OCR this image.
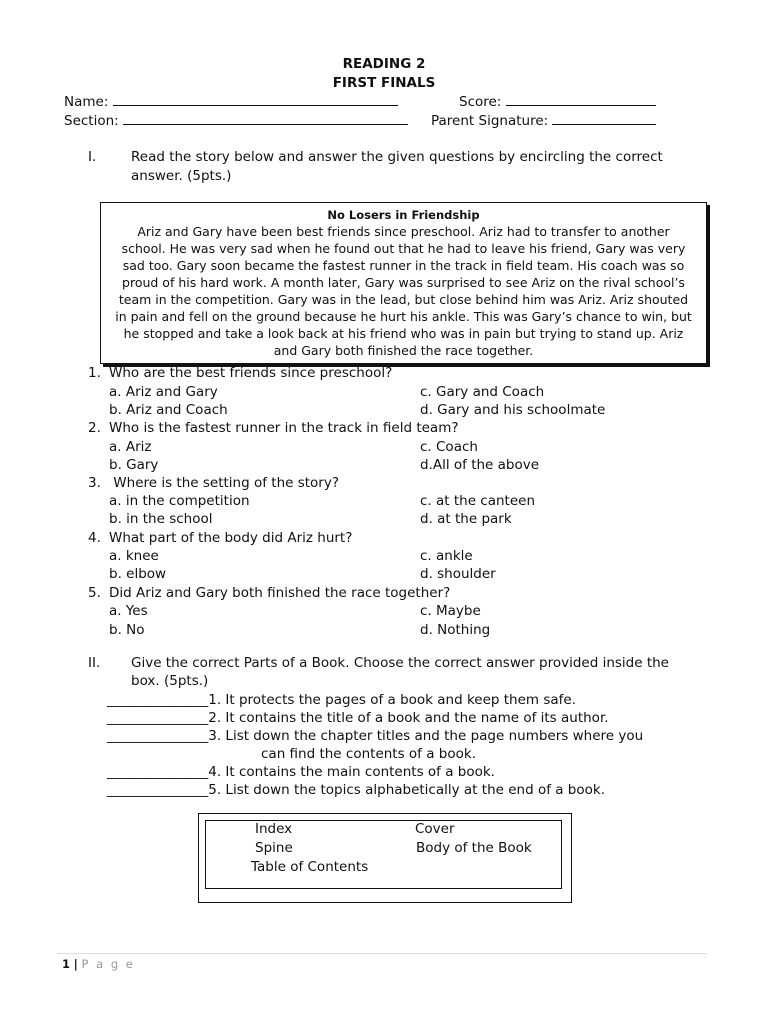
READING 2
FIRST FINALS
Name:	Score:
Section:	Parent Signature:
I.	Read the story below and answer the given questions by encircling the correct
answer. (5pts.)
No Losers in Friendship
Ariz and Gary have been best friends since preschool. Ariz had to transfer to another
school. He was very sad when he found out that he had to leave his friend, Gary was very
sad too. Gary soon became the fastest runner in the track in field team. His coach was so
proud of his hard work. A month later, Gary was surprised to see Ariz on the rival school’s
team in the competition. Gary was in the lead, but close behind him was Ariz. Ariz shouted
in pain and fell on the ground because he hurt his ankle. This was Gary’s chance to win, but
he stopped and take a look back at his friend who was in pain but trying to stand up. Ariz
and Gary both finished the race together.
1. Who are the best friends since preschool?
a. Ariz and Gary	c. Gary and Coach
b. Ariz and Coach	d. Gary and his schoolmate
2. Who is the fastest runner in the track in field team?
a. Ariz	c. Coach
b. Gary	d.All of the above
3. Where is the setting of the story?
a. in the competition	c. at the canteen
b. in the school	d. at the park
4. What part of the body did Ariz hurt?
a. knee	c. ankle
b. elbow	d. shoulder
5. Did Ariz and Gary both finished the race together?
a. Yes	c. Maybe
b. No	d. Nothing
II. Give the correct Parts of a Book. Choose the correct answer provided inside the
box. (5pts.)
_______________1. It protects the pages of a book and keep them safe.
_______________2. It contains the title of a book and the name of its author.
_______________3. List down the chapter titles and the page numbers where you
can find the contents of a book.
_______________4. It contains the main contents of a book.
_______________5. List down the topics alphabetically at the end of a book.
Index	Cover
Spine	Body of the Book
Table of Contents
1 | P a g e
